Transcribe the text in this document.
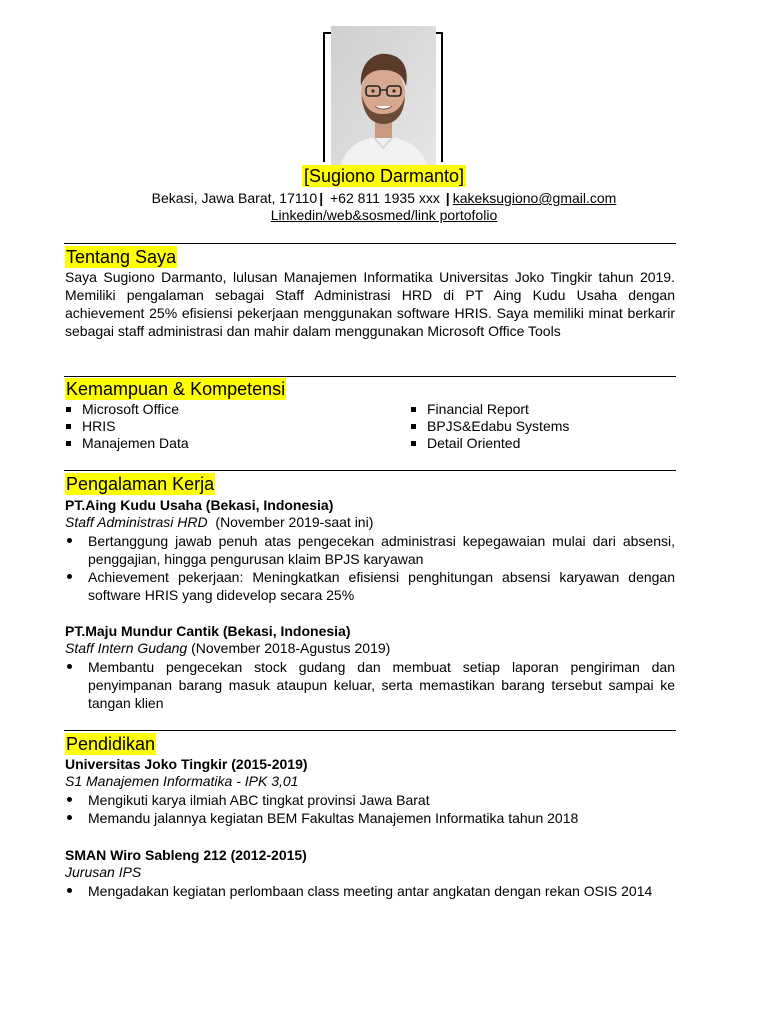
[Sugiono Darmanto]
Bekasi, Jawa Barat, 17110 | +62 811 1935 xxx | kakeksugiono@gmail.com
Linkedin/web&sosmed/link portofolio
Tentang Saya

Saya Sugiono Darmanto, lulusan Manajemen Informatika Universitas Joko Tingkir tahun 2019. Memiliki pengalaman sebagai Staff Administrasi HRD di PT Aing Kudu Usaha dengan achievement 25% efisiensi pekerjaan menggunakan software HRIS. Saya memiliki minat berkarir sebagai staff administrasi dan mahir dalam menggunakan Microsoft Office Tools

Kemampuan & Kompetensi
Microsoft Office
HRIS
Manajemen Data
Financial Report
BPJS&Edabu Systems
Detail Oriented
Pengalaman Kerja
PT.Aing Kudu Usaha (Bekasi, Indonesia)
Staff Administrasi HRD (November 2019-saat ini)
Bertanggung jawab penuh atas pengecekan administrasi kepegawaian mulai dari absensi, penggajian, hingga pengurusan klaim BPJS karyawan
Achievement pekerjaan: Meningkatkan efisiensi penghitungan absensi karyawan dengan software HRIS yang didevelop secara 25%
PT.Maju Mundur Cantik (Bekasi, Indonesia)
Staff Intern Gudang (November 2018-Agustus 2019)
Membantu pengecekan stock gudang dan membuat setiap laporan pengiriman dan penyimpanan barang masuk ataupun keluar, serta memastikan barang tersebut sampai ke tangan klien
Pendidikan
Universitas Joko Tingkir (2015-2019)
S1 Manajemen Informatika - IPK 3,01
Mengikuti karya ilmiah ABC tingkat provinsi Jawa Barat
Memandu jalannya kegiatan BEM Fakultas Manajemen Informatika tahun 2018
SMAN Wiro Sableng 212 (2012-2015)
Jurusan IPS
Mengadakan kegiatan perlombaan class meeting antar angkatan dengan rekan OSIS 2014
